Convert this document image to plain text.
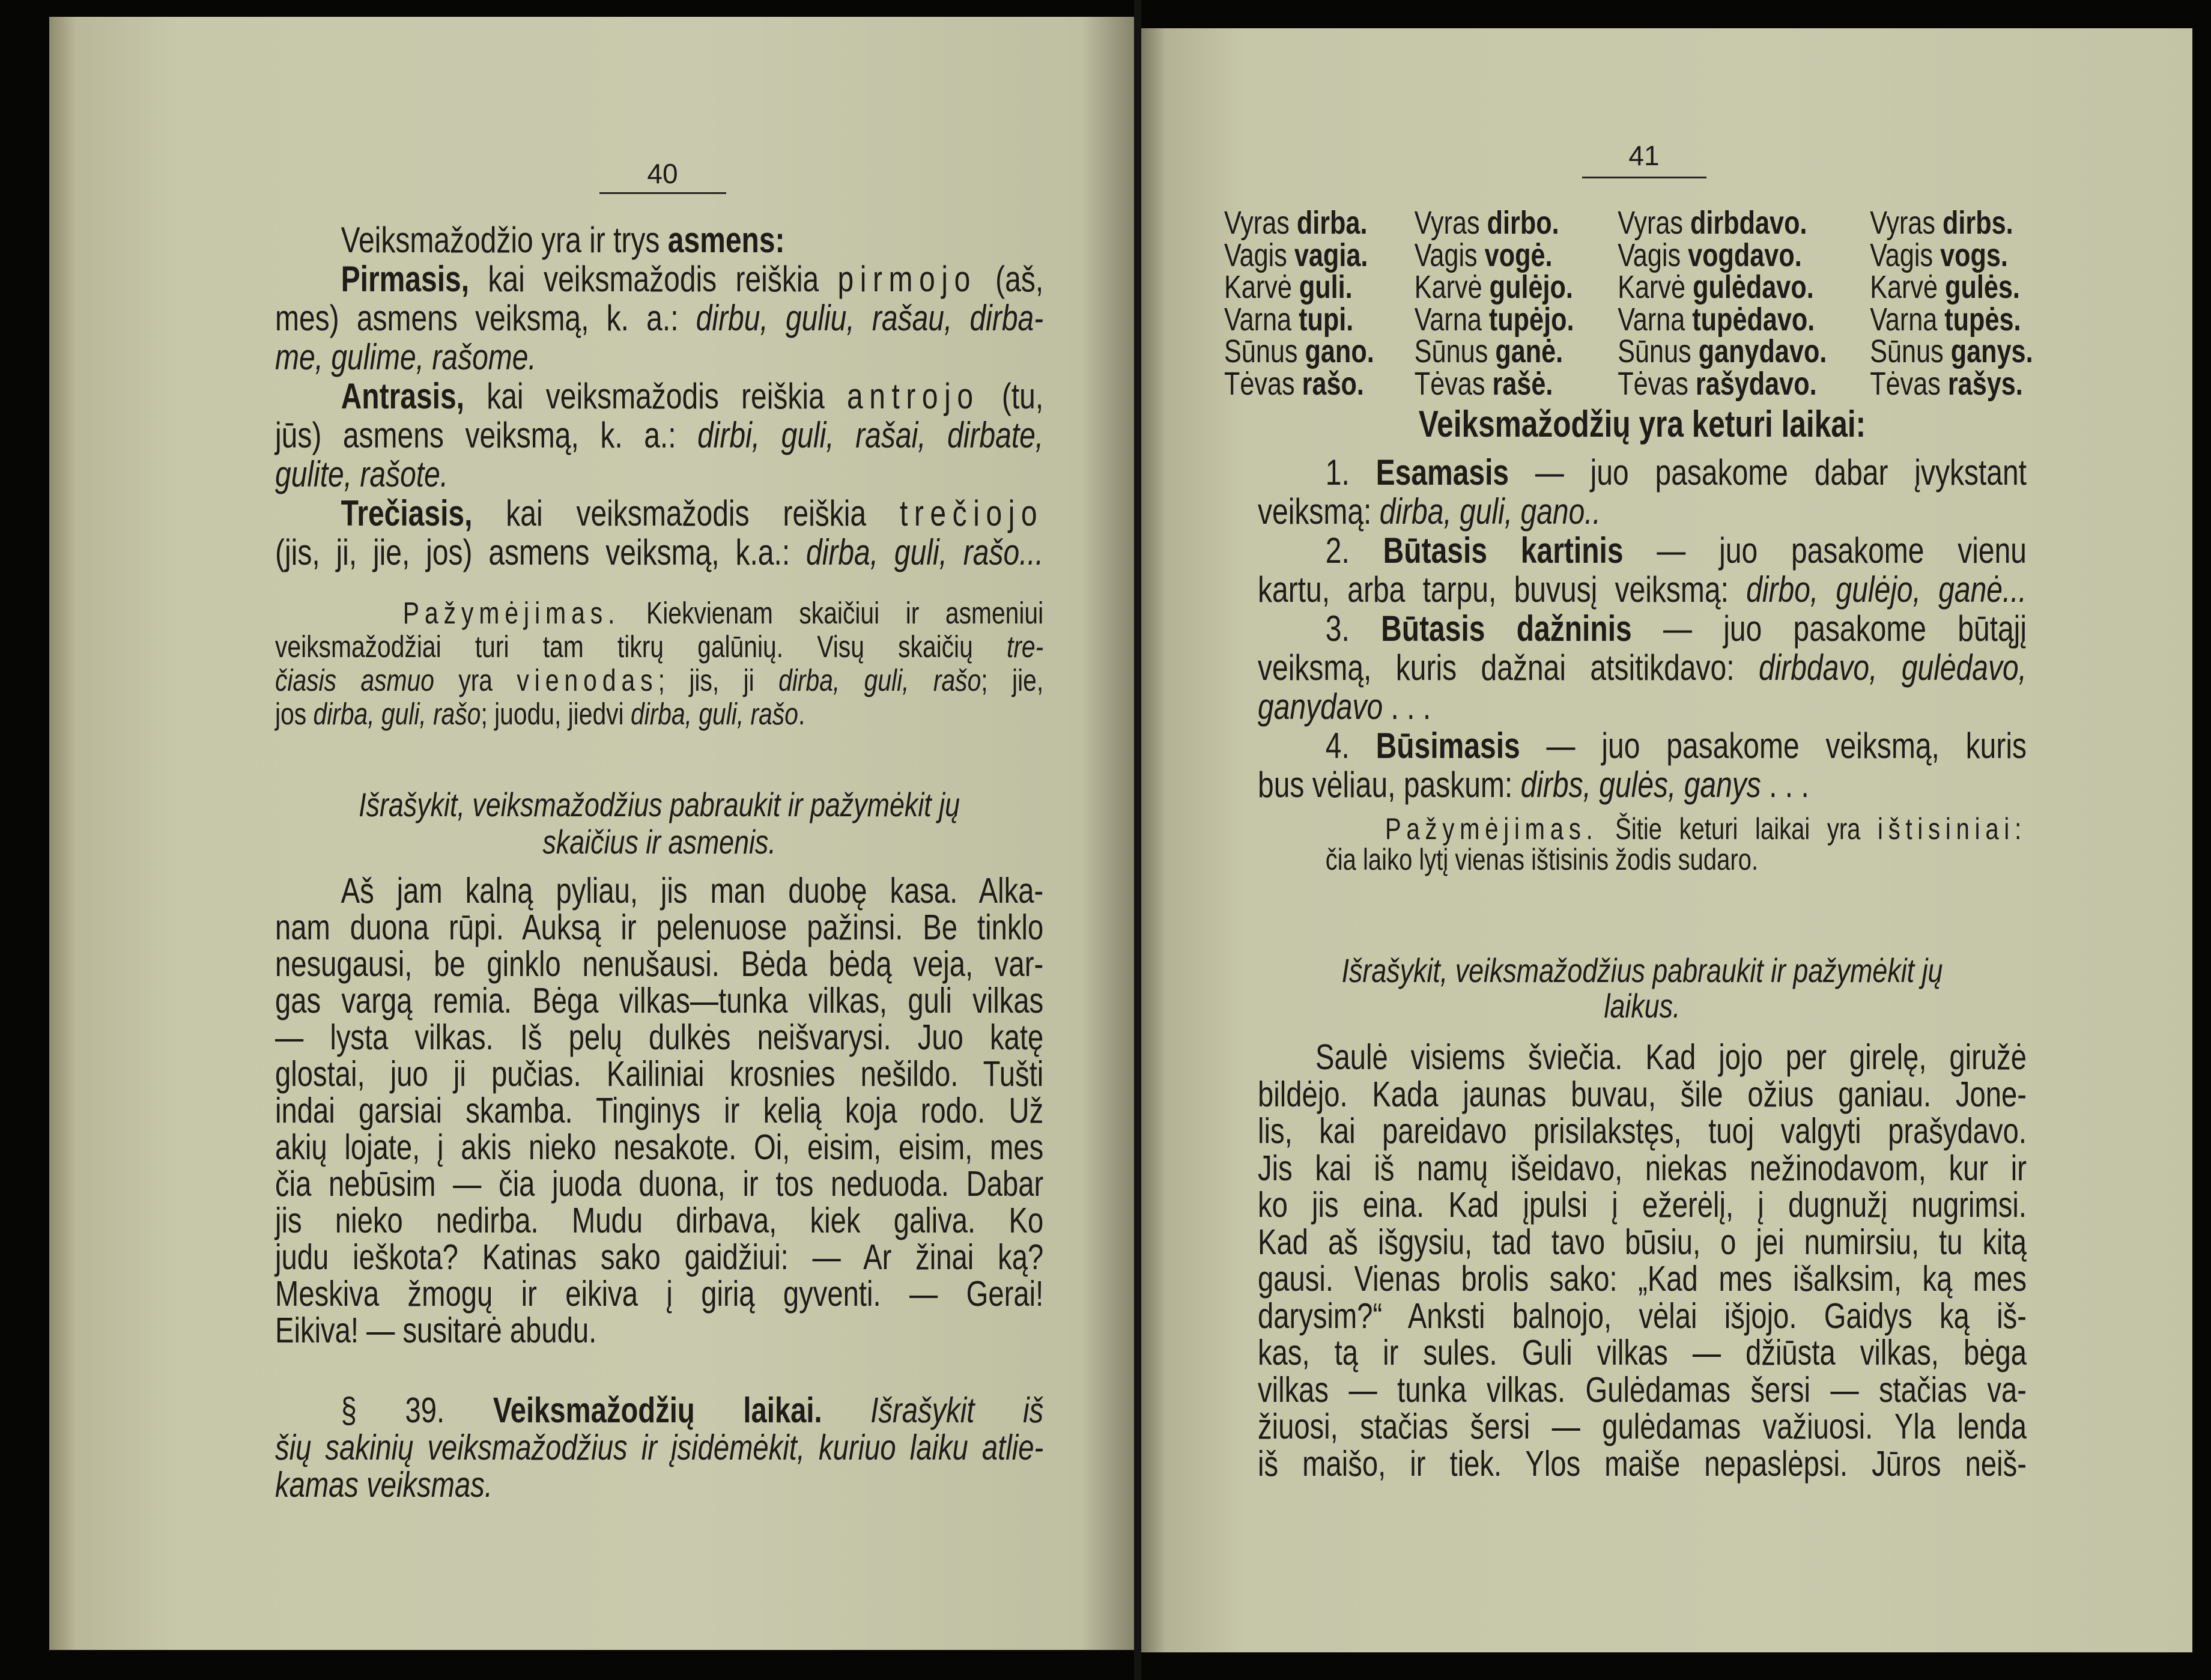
40
41
Veiksmažodžio yra ir trys asmens:
Pirmasis, kai veiksmažodis reiškia pirmojo (aš,
mes) asmens veiksmą, k. a.: dirbu, guliu, rašau, dirba-
me, gulime, rašome.
Antrasis, kai veiksmažodis reiškia antrojo (tu,
jūs) asmens veiksmą, k. a.: dirbi, guli, rašai, dirbate,
gulite, rašote.
Trečiasis, kai veiksmažodis reiškia trečiojo
(jis, ji, jie, jos) asmens veiksmą, k.a.: dirba, guli, rašo...
Pažymėjimas. Kiekvienam skaičiui ir asmeniui
veiksmažodžiai turi tam tikrų galūnių. Visų skaičių tre-
čiasis asmuo yra vienodas; jis, ji dirba, guli, rašo; jie,
jos dirba, guli, rašo; juodu, jiedvi dirba, guli, rašo.
Išrašykit, veiksmažodžius pabraukit ir pažymėkit jų
skaičius ir asmenis.
Aš jam kalną pyliau, jis man duobę kasa. Alka-
nam duona rūpi. Auksą ir pelenuose pažinsi. Be tinklo
nesugausi, be ginklo nenušausi. Bėda bėdą veja, var-
gas vargą remia. Bėga vilkas—tunka vilkas, guli vilkas
— lysta vilkas. Iš pelų dulkės neišvarysi. Juo katę
glostai, juo ji pučias. Kailiniai krosnies nešildo. Tušti
indai garsiai skamba. Tinginys ir kelią koja rodo. Už
akių lojate, į akis nieko nesakote. Oi, eisim, eisim, mes
čia nebūsim — čia juoda duona, ir tos neduoda. Dabar
jis nieko nedirba. Mudu dirbava, kiek galiva. Ko
judu ieškota? Katinas sako gaidžiui: — Ar žinai ką?
Meskiva žmogų ir eikiva į girią gyventi. — Gerai!
Eikiva! — susitarė abudu.
§ 39. Veiksmažodžių laikai. Išrašykit iš
šių sakinių veiksmažodžius ir įsidėmėkit, kuriuo laiku atlie-
kamas veiksmas.
Veiksmažodžių yra keturi laikai:
1. Esamasis — juo pasakome dabar įvykstant
veiksmą: dirba, guli, gano..
2. Būtasis kartinis — juo pasakome vienu
kartu, arba tarpu, buvusį veiksmą: dirbo, gulėjo, ganė...
3. Būtasis dažninis — juo pasakome būtąjį
veiksmą, kuris dažnai atsitikdavo: dirbdavo, gulėdavo,
ganydavo . . .
4. Būsimasis — juo pasakome veiksmą, kuris
bus vėliau, paskum: dirbs, gulės, ganys . . .
Pažymėjimas. Šitie keturi laikai yra ištisiniai:
čia laiko lytį vienas ištisinis žodis sudaro.
Išrašykit, veiksmažodžius pabraukit ir pažymėkit jų
laikus.
Saulė visiems šviečia. Kad jojo per girelę, giružė
bildėjo. Kada jaunas buvau, šile ožius ganiau. Jone-
lis, kai pareidavo prisilakstęs, tuoj valgyti prašydavo.
Jis kai iš namų išeidavo, niekas nežinodavom, kur ir
ko jis eina. Kad įpulsi į ežerėlį, į dugnužį nugrimsi.
Kad aš išgysiu, tad tavo būsiu, o jei numirsiu, tu kitą
gausi. Vienas brolis sako: „Kad mes išalksim, ką mes
darysim?“ Anksti balnojo, vėlai išjojo. Gaidys ką iš-
kas, tą ir sules. Guli vilkas — džiūsta vilkas, bėga
vilkas — tunka vilkas. Gulėdamas šersi — stačias va-
žiuosi, stačias šersi — gulėdamas važiuosi. Yla lenda
iš maišo, ir tiek. Ylos maiše nepaslėpsi. Jūros neiš-
Vyras dirba. Vyras dirbo. Vyras dirbdavo. Vyras dirbs.
Vagis vagia. Vagis vogė. Vagis vogdavo. Vagis vogs.
Karvė guli. Karvė gulėjo. Karvė gulėdavo. Karvė gulės.
Varna tupi. Varna tupėjo. Varna tupėdavo. Varna tupės.
Sūnus gano. Sūnus ganė. Sūnus ganydavo. Sūnus ganys.
Tėvas rašo. Tėvas rašė. Tėvas rašydavo. Tėvas rašys.
